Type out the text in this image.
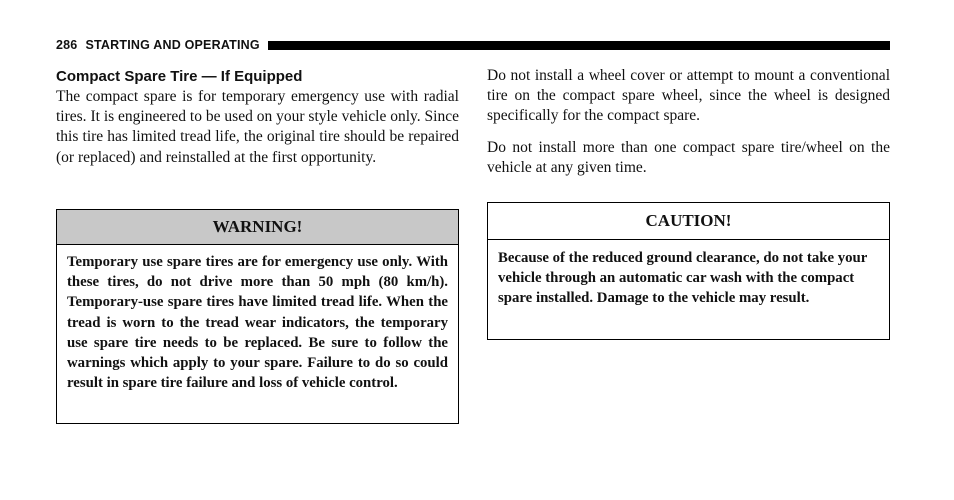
286 STARTING AND OPERATING
Compact Spare Tire — If Equipped

The compact spare is for temporary emergency use with radial tires. It is engineered to be used on your style vehicle only. Since this tire has limited tread life, the original tire should be repaired (or replaced) and reinstalled at the first opportunity.

WARNING!

Temporary use spare tires are for emergency use only. With these tires, do not drive more than 50 mph (80 km/h). Temporary-use spare tires have limited tread life. When the tread is worn to the tread wear indicators, the temporary use spare tire needs to be replaced. Be sure to follow the warnings which apply to your spare. Failure to do so could result in spare tire failure and loss of vehicle control.

Do not install a wheel cover or attempt to mount a conventional tire on the compact spare wheel, since the wheel is designed specifically for the compact spare.

Do not install more than one compact spare tire/wheel on the vehicle at any given time.

CAUTION!

Because of the reduced ground clearance, do not take your vehicle through an automatic car wash with the compact spare installed. Damage to the vehicle may result.
